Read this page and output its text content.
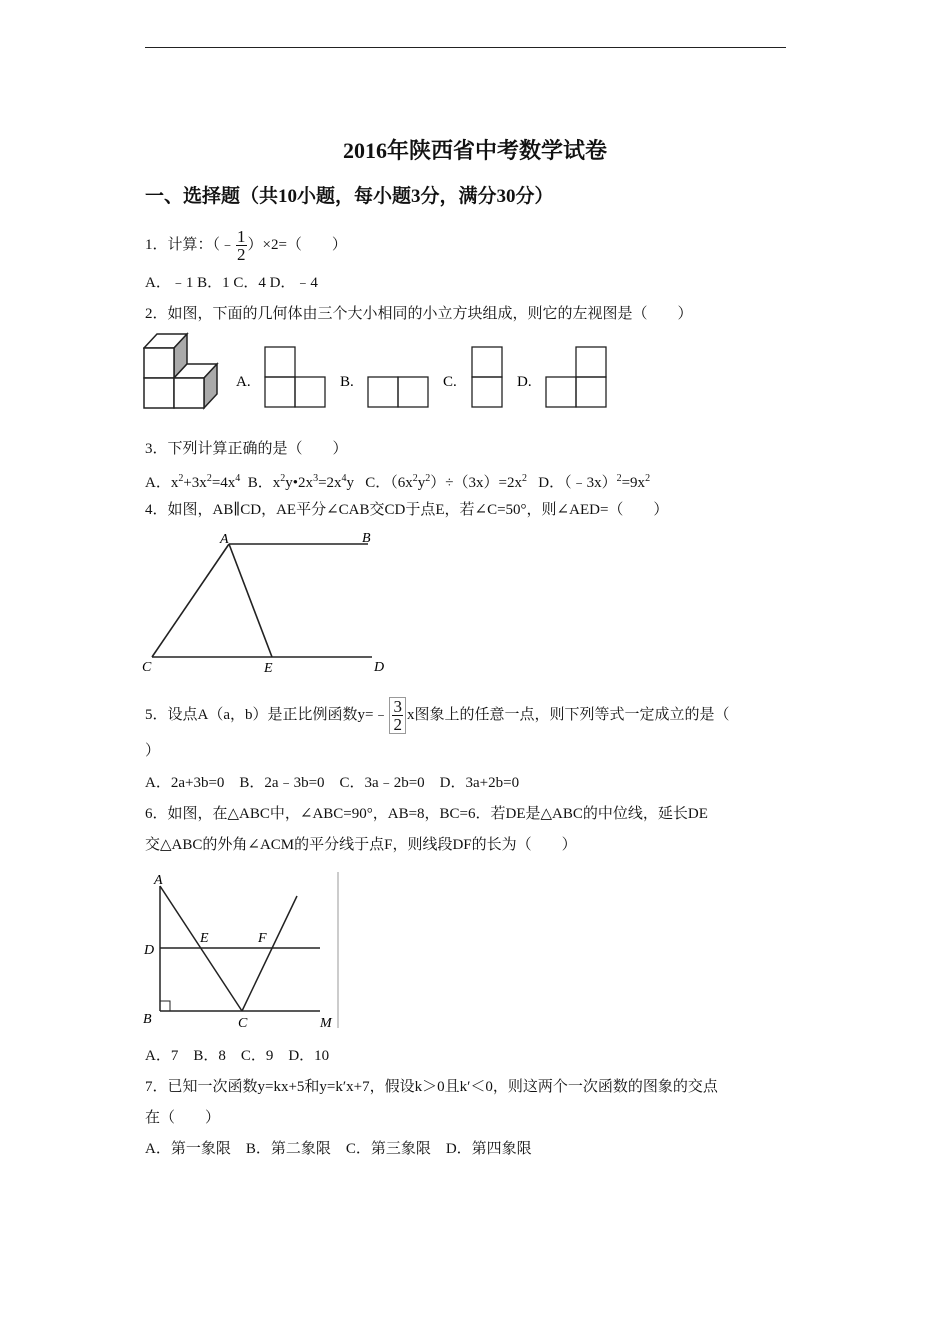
2016年陕西省中考数学试卷
一、选择题（共10小题，每小题3分，满分30分）
1．计算：（﹣ $\frac{1}{2} )\times 2=$（　　）
A．﹣1 B．1 C．4 D．﹣4
2．如图，下面的几何体由三个大小相同的小立方块组成，则它的左视图是（　　）
A.	B.	C.	D.
3．下列计算正确的是（　　）
A．$x^2+3x^2=4x^4$  B．$x^2y•2x^3=2x^4y$   C．$(6x^2y^2)\div(3x)=2x^2$   D．$(﹣3x)^2=9x^2$
4．如图，AB∥CD，AE平分∠CAB交CD于点E，若∠C=50°，则∠AED=（　　）
A	B
C	E	D
5．设点A（a，b）是正比例函数y=﹣ $\frac{3}{2}$ x图象上的任意一点，则下列等式一定成立的是（
）
A．2a+3b=0　B．2a﹣3b=0　C．3a﹣2b=0　D．3a+2b=0
6．如图，在△ABC中，∠ABC=90°，AB=8，BC=6．若DE是△ABC的中位线，延长DE
交△ABC的外角∠ACM的平分线于点F，则线段DF的长为（　　）
A
D
E	F
B	C	M
A．7　B．8　C．9　D．10
7．已知一次函数y=kx+5和y=k′x+7，假设k＞0且k′＜0，则这两个一次函数的图象的交点
在（　　）
A．第一象限　B．第二象限　C．第三象限　D．第四象限
